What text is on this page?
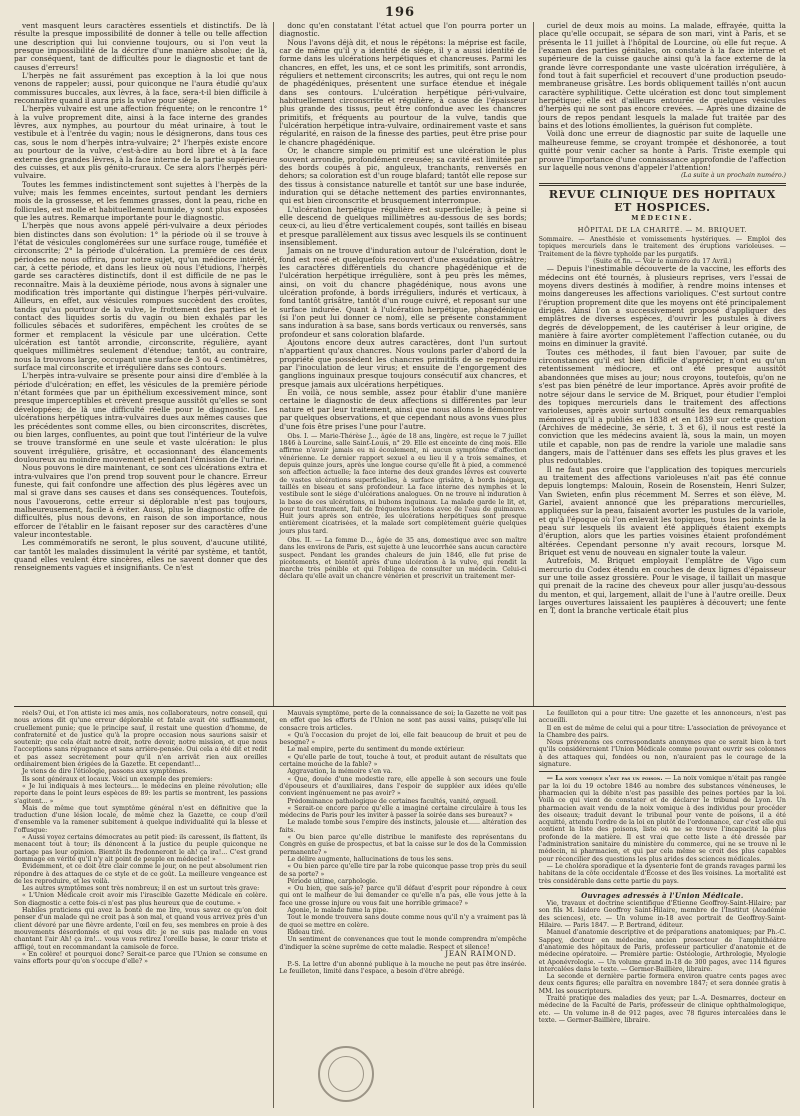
196

vent masquent leurs caractères essentiels et distinctifs. De là résulte la presque impossibilité de donner à telle ou telle affection une description qui lui convienne toujours, ou si l'on veut la presque impossibilité de la décrire d'une manière absolue; de là, par conséquent, tant de difficultés pour le diagnostic et tant de causes d'erreurs!

L'herpès ne fait assurément pas exception à la loi que nous venons de rappeler; aussi, pour quiconque ne l'aura étudié qu'aux commissures buccales, aux lèvres, à la face, sera-t-il bien difficile à reconnaître quand il aura pris la vulve pour siége.

L'herpès vulvaire est une affection fréquente; on le rencontre 1° à la vulve proprement dite, ainsi à la face interne des grandes lèvres, aux nymphes, au pourtour du méat urinaire, à tout le vestibule et à l'entrée du vagin; nous le désignerons, dans tous ces cas, sous le nom d'herpès intra-vulvaire; 2° l'herpès existe encore au pourtour de la vulve, c'est-à-dire au bord libre et à la face externe des grandes lèvres, à la face interne de la partie supérieure des cuisses, et aux plis génito-cruraux. Ce sera alors l'herpès péri-vulvaire.

Toutes les femmes indistinctement sont sujettes à l'herpès de la vulve; mais les femmes enceintes, surtout pendant les derniers mois de la grossesse, et les femmes grasses, dont la peau, riche en follicules, est molle et habituellement humide, y sont plus exposées que les autres. Remarque importante pour le diagnostic.

L'herpès que nous avons appelé péri-vulvaire a deux périodes bien distinctes dans son évolution: 1° la période où il se trouve à l'état de vésicules conglomérées sur une surface rouge, tuméfiée et circonscrite; 2° la période d'ulcération. La première de ces deux périodes ne nous offrira, pour notre sujet, qu'un médiocre intérêt, car, à cette période, et dans les lieux où nous l'étudions, l'herpès garde ses caractères distinctifs, dont il est difficile de ne pas le reconnaître. Mais à la deuxième période, nous avons à signaler une modification très importante qui distingue l'herpès péri-vulvaire. Ailleurs, en effet, aux vésicules rompues succèdent des croûtes, tandis qu'au pourtour de la vulve, le frottement des parties et le contact des liquides sortis du vagin ou bien exhalés par les follicules sébacés et sudorifères, empêchent les croûtes de se former et remplacent la vésicule par une ulcération. Cette ulcération est tantôt arrondie, circonscrite, régulière, ayant quelques millimètres seulement d'étendue; tantôt, au contraire, nous la trouvons large, occupant une surface de 3 ou 4 centimètres, surface mal circonscrite et irrégulière dans ses contours.

L'herpès intra-vulvaire se présente pour ainsi dire d'emblée à la période d'ulcération; en effet, les vésicules de la première période n'étant formées que par un épithélium excessivement mince, sont presque imperceptibles et crèvent presque aussitôt qu'elles se sont développées; de là une difficulté réelle pour le diagnostic. Les ulcérations herpétiques intra-vulvaires dues aux mêmes causes que les précédentes sont comme elles, ou bien circonscrites, discrètes, ou bien larges, confluentes, au point que tout l'intérieur de la vulve se trouve transformé en une seule et vaste ulcération: le plus souvent irrégulière, grisâtre, et occasionnant des élancements douloureux au moindre mouvement et pendant l'émission de l'urine.

Nous pouvons le dire maintenant, ce sont ces ulcérations extra et intra-vulvaires que l'on prend trop souvent pour le chancre. Erreur funeste, qui fait confondre une affection des plus légères avec un mal si grave dans ses causes et dans ses conséquences. Toutefois, nous l'avouerons, cette erreur si déplorable n'est pas toujours, malheureusement, facile à éviter. Aussi, plus le diagnostic offre de difficultés, plus nous devons, en raison de son importance, nous efforcer de l'établir en le faisant reposer sur des caractères d'une valeur incontestable.

Les commémoratifs ne seront, le plus souvent, d'aucune utilité, car tantôt les malades dissimulent la vérité par système, et tantôt, quand elles veulent être sincères, elles ne savent donner que des renseignements vagues et insignifiants. Ce n'est

donc qu'en constatant l'état actuel que l'on pourra porter un diagnostic.

Nous l'avons déjà dit, et nous le répétons: la méprise est facile, car de même qu'il y a identité de siége, il y a aussi identité de forme dans les ulcérations herpétiques et chancreuses. Parmi les chancres, en effet, les uns, et ce sont les primitifs, sont arrondis, réguliers et nettement circonscrits; les autres, qui ont reçu le nom de phagédéniques, présentent une surface étendue et inégale dans ses contours. L'ulcération herpétique péri-vulvaire, habituellement circonscrite et régulière, à cause de l'épaisseur plus grande des tissus, peut être confondue avec les chancres primitifs, et fréquents au pourtour de la vulve, tandis que l'ulcération herpétique intra-vulvaire, ordinairement vaste et sans régularité, en raison de la finesse des parties, peut être prise pour le chancre phagédénique.

Or, le chancre simple ou primitif est une ulcération le plus souvent arrondie, profondément creusée; sa cavité est limitée par des bords coupés à pic, anguleux, tranchants, renversés en dehors; sa coloration est d'un rouge blafard; tantôt elle repose sur des tissus à consistance naturelle et tantôt sur une base indurée, induration qui se détache nettement des parties environnantes, qui est bien circonscrite et brusquement interrompue.

L'ulcération herpétique régulière est superficielle; à peine si elle descend de quelques millimètres au-dessous de ses bords; ceux-ci, au lieu d'être verticalement coupés, sont taillés en biseau et presque parallèlement aux tissus avec lesquels ils se continuent insensiblement.

Jamais on ne trouve d'induration autour de l'ulcération, dont le fond est rosé et quelquefois recouvert d'une exsudation grisâtre; les caractères différentiels du chancre phagédénique et de l'ulcération herpétique irrégulière, sont à peu près les mêmes, ainsi, on voit du chancre phagédénique, nous avons une ulcération profonde, à bords irréguliers, indurés et verticaux, à fond tantôt grisâtre, tantôt d'un rouge cuivré, et reposant sur une surface indurée. Quant à l'ulcération herpétique, phagédénique (si l'on peut lui donner ce nom), elle se présente constamment sans induration à sa base, sans bords verticaux ou renversés, sans profondeur et sans coloration blafarde.

Ajoutons encore deux autres caractères, dont l'un surtout n'appartient qu'aux chancres. Nous voulons parler d'abord de la propriété que possèdent les chancres primitifs de se reproduire par l'inoculation de leur virus; et ensuite de l'engorgement des ganglions inguinaux presque toujours consécutif aux chancres, et presque jamais aux ulcérations herpétiques.

En voilà, ce nous semble, assez pour établir d'une manière certaine le diagnostic de deux affections si différentes par leur nature et par leur traitement, ainsi que nous allons le démontrer par quelques observations, et que cependant nous avons vues plus d'une fois être prises l'une pour l'autre.

Obs. I. — Marie-Thérèse J..., âgée de 18 ans, lingère, est reçue le 7 juillet 1846 à Lourcine, salle Saint-Louis, n° 29. Elle est enceinte de cinq mois. Elle affirme n'avoir jamais eu ni écoulement, ni aucun symptôme d'affection vénérienne. Le dernier rapport sexuel a eu lieu il y a trois semaines, et depuis quinze jours, après une longue course qu'elle fit à pied, a commencé son affection actuelle; la face interne des deux grandes lèvres est couverte de vastes ulcérations superficielles, à surface grisâtre, à bords inégaux, taillés en biseau et sans profondeur. La face interne des nymphes et le vestibule sont le siége d'ulcérations analogues. On ne trouve ni induration à la base de ces ulcérations, ni bubons inguinaux. La malade garde le lit, et, pour tout traitement, fait de fréquentes lotions avec de l'eau de guimauve. Huit jours après son entrée, les ulcérations herpétiques sont presque entièrement cicatrisées, et la malade sort complètement guérie quelques jours plus tard.

Obs. II. — La femme D..., âgée de 35 ans, domestique avec son maître dans les environs de Paris, est sujette à une leucorrhée sans aucun caractère suspect. Pendant les grandes chaleurs de juin 1846, elle fut prise de picotements, et bientôt après d'une ulcération à la vulve, qui rendit la marche très pénible et qui l'obligea de consulter un médecin. Celui-ci déclara qu'elle avait un chancre vénérien et prescrivit un traitement mer-

curiel de deux mois au moins. La malade, effrayée, quitta la place qu'elle occupait, se sépara de son mari, vint à Paris, et se présenta le 11 juillet à l'hôpital de Lourcine, où elle fut reçue. A l'examen des parties génitales, on constate à la face interne et supérieure de la cuisse gauche ainsi qu'à la face externe de la grande lèvre correspondante une vaste ulcération irrégulière, à fond tout à fait superficiel et recouvert d'une production pseudo-membraneuse grisâtre. Les bords obliquement taillés n'ont aucun caractère syphilitique. Cette ulcération est donc tout simplement herpétique; elle est d'ailleurs entourée de quelques vésicules d'herpès qui ne sont pas encore crevées. — Après une dizaine de jours de repos pendant lesquels la malade fut traitée par des bains et des lotions émollientes, la guérison fut complète.

Voilà donc une erreur de diagnostic par suite de laquelle une malheureuse femme, se croyant trompée et déshonorée, a tout quitté pour venir cacher sa honte à Paris. Triste exemple qui prouve l'importance d'une connaissance approfondie de l'affection sur laquelle nous venons d'appeler l'attention!

(La suite à un prochain numéro.)

REVUE CLINIQUE DES HOPITAUX ET HOSPICES.
MÉDECINE.
HÔPITAL DE LA CHARITÉ. — M. BRIQUET.

Sommaire. — Anesthésie et vomissements hystériques. — Emploi des topiques mercuriels dans le traitement des éruptions varioleuses. — Traitement de la fièvre typhoïde par les purgatifs.

(Suite et fin. — Voir le numéro du 17 Avril.)

— Depuis l'inestimable découverte de la vaccine, les efforts des médecins ont été tournés, à plusieurs reprises, vers l'essai de moyens divers destinés à modifier, à rendre moins intenses et moins dangereuses les affections varioliques. C'est surtout contre l'éruption proprement dite que les moyens ont été principalement dirigés. Ainsi l'on a successivement proposé d'appliquer des emplâtres de diverses espèces, d'ouvrir les pustules à divers degrés de développement, de les cautériser à leur origine, de manière à faire avorter complètement l'affection cutanée, ou du moins en diminuer la gravité.

Toutes ces méthodes, il faut bien l'avouer, par suite de circonstances qu'il est bien difficile d'apprécier, n'ont eu qu'un retentissement médiocre, et ont été presque aussitôt abandonnées que mises au jour; nous croyons, toutefois, qu'on ne s'est pas bien pénétré de leur importance. Après avoir profité de notre séjour dans le service de M. Briquet, pour étudier l'emploi des topiques mercuriels dans le traitement des affections varioleuses, après avoir surtout consulté les deux remarquables mémoires qu'il a publiés en 1838 et en 1839 sur cette question (Archives de médecine, 3e série, t. 3 et 6), il nous est resté la conviction que les médecins avaient là, sous la main, un moyen utile et capable, non pas de rendre la variole une maladie sans dangers, mais de l'atténuer dans ses effets les plus graves et les plus redoutables.

Il ne faut pas croire que l'application des topiques mercuriels au traitement des affections varioleuses n'ait pas été connue depuis longtemps: Malouin, Rosein de Rosenstein, Henri Sulzer, Van Swieten, enfin plus récemment M. Serres et son élève, M. Gariel, avaient annoncé que les préparations mercurielles, appliquées sur la peau, faisaient avorter les pustules de la variole, et qu'à l'époque où l'on enlevait les topiques, tous les points de la peau sur lesquels ils avaient été appliqués étaient exempts d'éruption, alors que les parties voisines étaient profondément altérées. Cependant personne n'y avait recours, lorsque M. Briquet est venu de nouveau en signaler toute la valeur.

Autrefois, M. Briquet employait l'emplâtre de Vigo cum mercurio du Codex étendu en couches de deux lignes d'épaisseur sur une toile assez grossière. Pour le visage, il taillait un masque qui prenait de la racine des cheveux pour aller jusqu'au-dessous du menton, et qui, largement, allait de l'une à l'autre oreille. Deux larges ouvertures laissaient les paupières à découvert; une fente en T, dont la branche verticale était plus

réels? Oui, et l'on attiste ici mes amis, nos collaborateurs, notre conseil, qui nous avions dit qu'une erreur déplorable et fatale avait été suffisamment, cruellement punie; que le principe sauf, il restait une question d'homme, de confraternité et de justice qu'à la propre occasion nous saurions saisir et soutenir; que cela était notre droit, notre devoir, notre mission, et que nous l'acceptions sans répugnance et sans arrière-pensée. Oui cela a été dit et redit et pas assez secrètement pour qu'il n'en arrivât rien aux oreilles ordinairement bien érigées de la Gazette. Et cependant!...

Je viens de dire l'étiologie, passons aux symptômes.

Ils sont généraux et locaux. Voici un exemple des premiers:

« Je lui indiquais à mes lecteurs.... le médecins en pleine révolution; elle reporte dans le point leurs espèces de 89: les partis se montrent, les passions s'agitent... »

Mais de même que tout symptôme général n'est en définitive que la traduction d'une lésion locale, de même chez la Gazette, ce coup d'œil d'ensemble va la ramener subitement à quelque individualité qui la blesse et l'offusque:

« Aussi voyez certains démocrates au petit pied: ils caressent, ils flattent, ils menacent tout à tour; ils dénoncent à la justice du peuple quiconque ne partage pas leur opinion. Bientôt ils fredonneront le ah! ça ira!... C'est grand dommage en vérité qu'il n'y ait point de peuple en médecine! »

Évidemment, et ce doit être clair comme le jour, on ne peut absolument rien répondre à des attaques de ce style et de ce goût. La meilleure vengeance est de les reproduire, et les voilà.

Les autres symptômes sont très nombreux; il en est un surtout très grave:

« L'Union Médicale croit avoir mis l'irascible Gazette Médicale en colère. Son diagnostic a cette fois-ci n'est pas plus heureux que de coutume. »

Habiles praticiens qui avez la bonté de me lire, vous savez ce qu'on doit penser d'un malade qui ne croit pas à son mal, et quand vous arrivez près d'un client dévoré par une fièvre ardente, l'œil en feu, ses membres en proie à des mouvements désordonnés et qui vous dit: je ne suis pas malade en vous chantant l'air Ah! ça ira!... vous vous retirez l'oreille basse, le cœur triste et affligé, tout en recommandant la camisole de force.

« En colère! et pourquoi donc? Serait-ce parce que l'Union se consume en vains efforts pour qu'on s'occupe d'elle? »

Mauvais symptôme, perte de la connaissance de soi; la Gazette ne voit pas en effet que les efforts de l'Union ne sont pas aussi vains, puisqu'elle lui consacre trois articles.

« Qu'à l'occasion du projet de loi, elle fait beaucoup de bruit et peu de besogne? »

Le mal empire, perte du sentiment du monde extérieur.

« Qu'elle parle de tout, touche à tout, et produit autant de résultats que certaine mouche de la fable? »

Aggravation, la mémoire s'en va.

« Que, douée d'une modestie rare, elle appelle à son secours une foule d'épouseurs et d'auxiliaires, dans l'espoir de suppléer aux idées qu'elle convient ingénuement ne pas avoir? »

Prédominance pathologique de certaines facultés, vanité, orgueil.

« Serait-ce encore parce qu'elle a imaginé certaine circulaire à tous les médecins de Paris pour les inviter à passer la soirée dans ses bureaux? »

Le malade tombe sous l'empire des instincts, jalousie et...... altération des faits.

« Ou bien parce qu'elle distribue le manifeste des représentans du Congrès en guise de prospectus, et bat la caisse sur le dos de la Commission permanente? »

Le délire augmente, hallucinations de tous les sens.

« Ou bien parce qu'elle tire par la robe quiconque passe trop près du seuil de sa porte? »

Période ultime, carphologie.

« Ou bien, que sais-je? parce qu'il défaut d'esprit pour répondre à ceux qui ont le malheur de lui demander ce qu'elle n'a pas, elle vous jette à la face une grosse injure ou vous fait une horrible grimace? »

Agonie, le malade fume la pipe.

Tout le monde trouvera sans doute comme nous qu'il n'y a vraiment pas là de quoi se mettre en colère.

Rideau tiré.

Un sentiment de convenances que tout le monde comprendra m'empêche d'indiquer la scène suprême de cette maladie. Respect et silence!

JEAN RAIMOND.

P.-S. La lettre d'un abonné publique à la mouche ne peut pas être insérée. Le feuilleton, limité dans l'espace, a besoin d'être abrégé.

Le feuilleton qui a pour titre: Une gazette et les annonceurs, n'est pas accueilli.

Il en est de même de celui qui a pour titre: L'association de prévoyance et la Chambre des pairs.

Nous prévenons ces correspondants anonymes que ce serait bien à tort qu'ils considéreraient l'Union Médicale comme pouvant ouvrir ses colonnes à des attaques qui, fondées ou non, n'auraient pas le courage de la signature.

— La noix vomique n'est pas un poison. — La noix vomique n'était pas rangée par la loi du 19 octobre 1846 au nombre des substances vénéneuses, le pharmacien qui la débite n'est pas passible des peines portées par la loi. Voilà ce qui vient de constater et de déclarer le tribunal de Lyon. Un pharmacien avait vendu de la noix vomique à des individus pour procéder des oiseaux; traduit devant le tribunal pour vente de poisons, il a été acquitté, attendu l'ordre de la loi en plutôt de l'ordonnance, car c'est elle qui contient la liste des poisons, liste où ne se trouve l'incapacité la plus profonde de la matière. Il est vrai que cette liste a été dressée par l'administration sanitaire du ministère du commerce, qui ne se trouve ni le médecin, ni pharmacien, et qui par cela même se croit des plus capables pour réconcilier des questions les plus arides des sciences médicales.

— Le choléra sporadique et la dysenterie font de grands ravages parmi les habitans de la côte occidentale d'Écosse et des îles voisines. La mortalité est très considérable dans cette partie du pays.

Ouvrages adressés à l'Union Médicale.

Vie, travaux et doctrine scientifique d'Étienne Geoffroy-Saint-Hilaire; par son fils M. Isidore Geoffroy Saint-Hilaire, membre de l'Institut (Académie des sciences), etc. — Un volume in-18 avec portrait de Geoffroy-Saint-Hilaire. — Paris 1847. — P. Bertrand, éditeur.

Manuel d'anatomie descriptive et de préparations anatomiques; par Ph.-C. Sappey, docteur en médecine, ancien prosecteur de l'amphithéâtre d'anatomie des hôpitaux de Paris, professeur particulier d'anatomie et de médecine opératoire. — Première partie: Ostéologie, Arthrologie, Myologie et Aponévrologie. — Un volume grand in-18 de 300 pages, avec 114 figures intercalées dans le texte. — Germer-Baillière, libraire.

La seconde et dernière partie formera environ quatre cents pages avec deux cents figures; elle paraîtra en novembre 1847; et sera donnée gratis à MM. les souscripteurs.

Traité pratique des maladies des yeux; par L.-A. Desmarres, docteur en médecine de la Faculté de Paris, professeur de clinique ophthalmologique, etc. — Un volume in-8 de 912 pages, avec 78 figures intercalées dans le texte. — Germer-Baillière, libraire.
